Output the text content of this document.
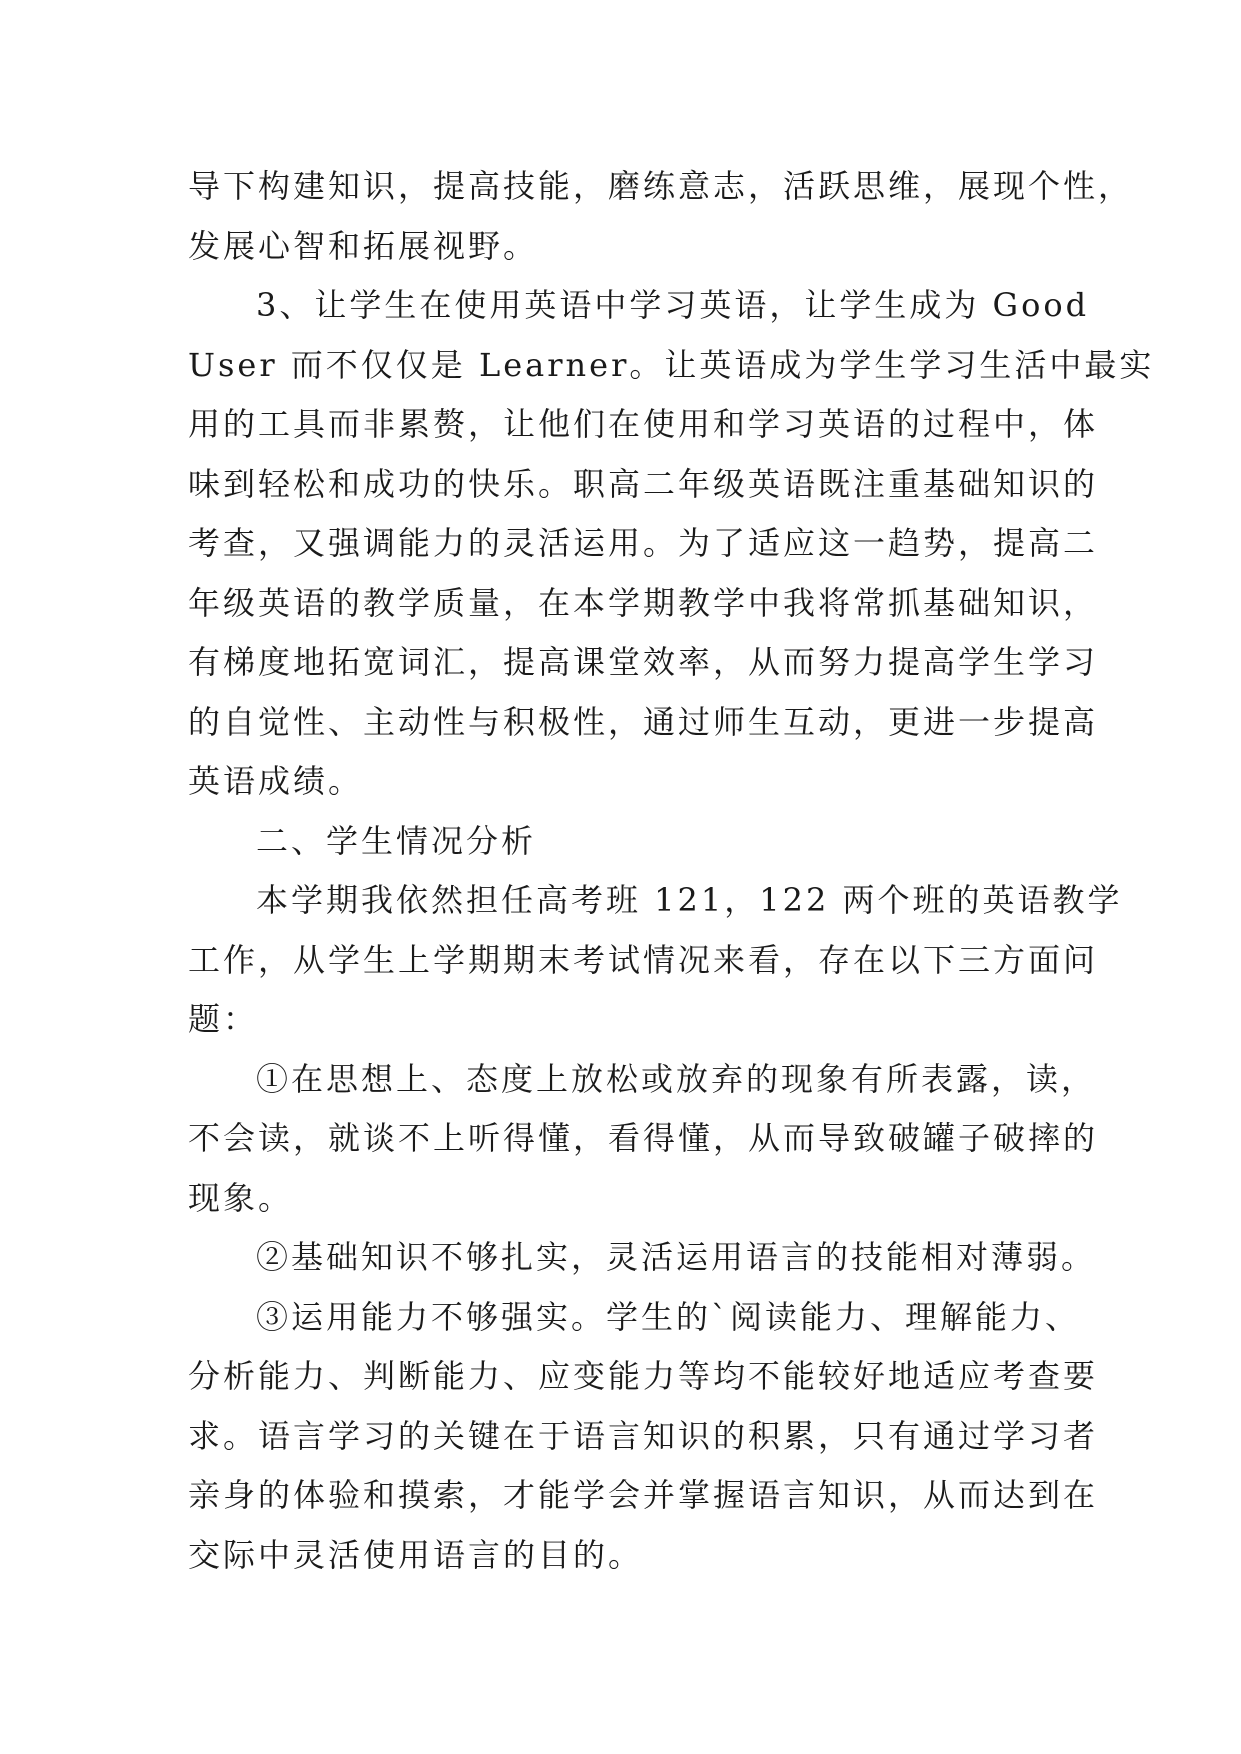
导下构建知识，提高技能，磨练意志，活跃思维，展现个性，
发展心智和拓展视野。
3、让学生在使用英语中学习英语，让学生成为 Good
User 而不仅仅是 Learner。让英语成为学生学习生活中最实
用的工具而非累赘，让他们在使用和学习英语的过程中，体
味到轻松和成功的快乐。职高二年级英语既注重基础知识的
考查，又强调能力的灵活运用。为了适应这一趋势，提高二
年级英语的教学质量，在本学期教学中我将常抓基础知识，
有梯度地拓宽词汇，提高课堂效率，从而努力提高学生学习
的自觉性、主动性与积极性，通过师生互动，更进一步提高
英语成绩。
二、学生情况分析
本学期我依然担任高考班 121，122 两个班的英语教学
工作，从学生上学期期末考试情况来看，存在以下三方面问
题：
①在思想上、态度上放松或放弃的现象有所表露，读，
不会读，就谈不上听得懂，看得懂，从而导致破罐子破摔的
现象。
②基础知识不够扎实，灵活运用语言的技能相对薄弱。
③运用能力不够强实。学生的`阅读能力、理解能力、
分析能力、判断能力、应变能力等均不能较好地适应考查要
求。语言学习的关键在于语言知识的积累，只有通过学习者
亲身的体验和摸索，才能学会并掌握语言知识，从而达到在
交际中灵活使用语言的目的。
